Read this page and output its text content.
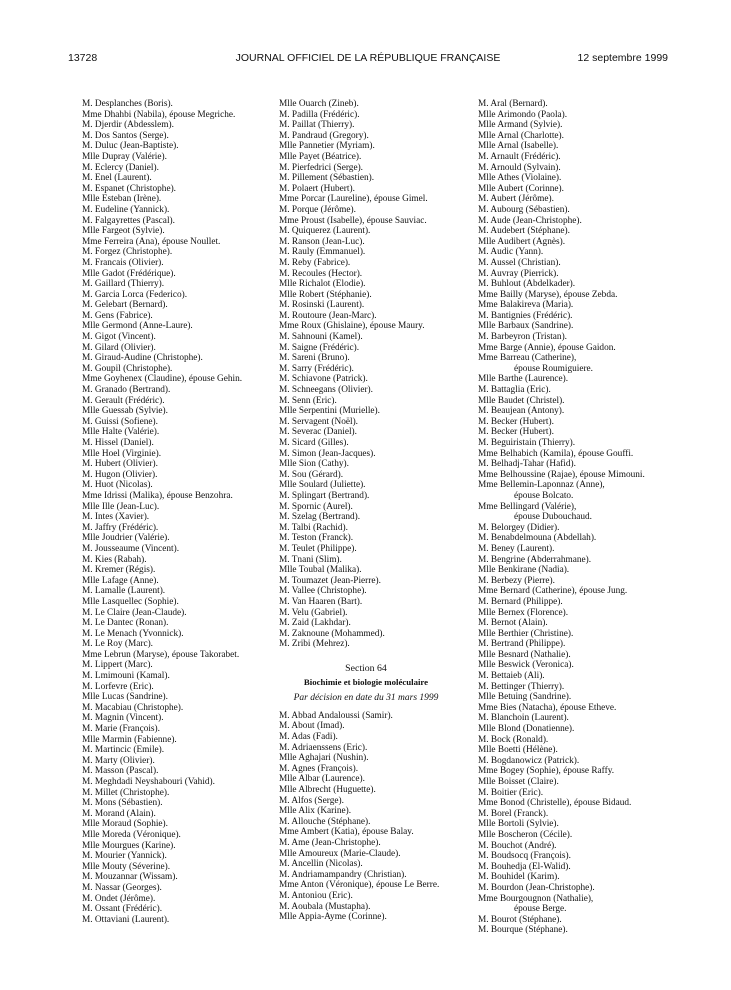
13728	JOURNAL OFFICIEL DE LA RÉPUBLIQUE FRANÇAISE	12 septembre 1999
M. Desplanches (Boris).
Mme Dhahbi (Nabila), épouse Megriche.
M. Djerdir (Abdesslem).
M. Dos Santos (Serge).
M. Duluc (Jean-Baptiste).
Mlle Dupray (Valérie).
M. Eclercy (Daniel).
M. Enel (Laurent).
M. Espanet (Christophe).
Mlle Esteban (Irène).
M. Eudeline (Yannick).
M. Falgayrettes (Pascal).
Mlle Fargeot (Sylvie).
Mme Ferreira (Ana), épouse Noullet.
M. Forgez (Christophe).
M. Francais (Olivier).
Mlle Gadot (Frédérique).
M. Gaillard (Thierry).
M. Garcia Lorca (Federico).
M. Gelebart (Bernard).
M. Gens (Fabrice).
Mlle Germond (Anne-Laure).
M. Gigot (Vincent).
M. Gilard (Olivier).
M. Giraud-Audine (Christophe).
M. Goupil (Christophe).
Mme Goyhenex (Claudine), épouse Gehin.
M. Granado (Bertrand).
M. Gerault (Frédéric).
Mlle Guessab (Sylvie).
M. Guissi (Sofiene).
Mlle Halte (Valérie).
M. Hissel (Daniel).
Mlle Hoel (Virginie).
M. Hubert (Olivier).
M. Hugon (Olivier).
M. Huot (Nicolas).
Mme Idrissi (Malika), épouse Benzohra.
Mlle Ille (Jean-Luc).
M. Intes (Xavier).
M. Jaffry (Frédéric).
Mlle Joudrier (Valérie).
M. Jousseaume (Vincent).
M. Kies (Rabah).
M. Kremer (Régis).
Mlle Lafage (Anne).
M. Lamalle (Laurent).
Mlle Lasquellec (Sophie).
M. Le Claire (Jean-Claude).
M. Le Dantec (Ronan).
M. Le Menach (Yvonnick).
M. Le Roy (Marc).
Mme Lebrun (Maryse), épouse Takorabet.
M. Lippert (Marc).
M. Lmimouni (Kamal).
M. Lorfevre (Eric).
Mlle Lucas (Sandrine).
M. Macabiau (Christophe).
M. Magnin (Vincent).
M. Marie (François).
Mlle Marmin (Fabienne).
M. Martincic (Emile).
M. Marty (Olivier).
M. Masson (Pascal).
M. Meghdadi Neyshabouri (Vahid).
M. Millet (Christophe).
M. Mons (Sébastien).
M. Morand (Alain).
Mlle Moraud (Sophie).
Mlle Moreda (Véronique).
Mlle Mourgues (Karine).
M. Mourier (Yannick).
Mlle Mouty (Séverine).
M. Mouzannar (Wissam).
M. Nassar (Georges).
M. Ondet (Jérôme).
M. Ossant (Frédéric).
M. Ottaviani (Laurent).
Mlle Ouarch (Zineb).
M. Padilla (Frédéric).
M. Paillat (Thierry).
M. Pandraud (Gregory).
Mlle Pannetier (Myriam).
Mlle Payet (Béatrice).
M. Pierfedrici (Serge).
M. Pillement (Sébastien).
M. Polaert (Hubert).
Mme Porcar (Laureline), épouse Gimel.
M. Porque (Jérôme).
Mme Proust (Isabelle), épouse Sauviac.
M. Quiquerez (Laurent).
M. Ranson (Jean-Luc).
M. Rauly (Emmanuel).
M. Reby (Fabrice).
M. Recoules (Hector).
Mlle Richalot (Elodie).
Mlle Robert (Stéphanie).
M. Rosinski (Laurent).
M. Routoure (Jean-Marc).
Mme Roux (Ghislaine), épouse Maury.
M. Sahnouni (Kamel).
M. Saigne (Frédéric).
M. Sareni (Bruno).
M. Sarry (Frédéric).
M. Schiavone (Patrick).
M. Schneegans (Olivier).
M. Senn (Eric).
Mlle Serpentini (Murielle).
M. Servagent (Noël).
M. Severac (Daniel).
M. Sicard (Gilles).
M. Simon (Jean-Jacques).
Mlle Sion (Cathy).
M. Sou (Gérard).
Mlle Soulard (Juliette).
M. Splingart (Bertrand).
M. Spornic (Aurel).
M. Szelag (Bertrand).
M. Talbi (Rachid).
M. Teston (Franck).
M. Teulet (Philippe).
M. Tnani (Slim).
Mlle Toubal (Malika).
M. Toumazet (Jean-Pierre).
M. Vallee (Christophe).
M. Van Haaren (Bart).
M. Velu (Gabriel).
M. Zaid (Lakhdar).
M. Zaknoune (Mohammed).
M. Zribi (Mehrez).
Section 64
Biochimie et biologie moléculaire
Par décision en date du 31 mars 1999
M. Abbad Andaloussi (Samir).
M. About (Imad).
M. Adas (Fadi).
M. Adriaenssens (Eric).
Mlle Aghajari (Nushin).
M. Agnes (François).
Mlle Albar (Laurence).
Mlle Albrecht (Huguette).
M. Alfos (Serge).
Mlle Alix (Karine).
M. Allouche (Stéphane).
Mme Ambert (Katia), épouse Balay.
M. Ame (Jean-Christophe).
Mlle Amoureux (Marie-Claude).
M. Ancellin (Nicolas).
M. Andriamampandry (Christian).
Mme Anton (Véronique), épouse Le Berre.
M. Antoniou (Eric).
M. Aoubala (Mustapha).
Mlle Appia-Ayme (Corinne).
M. Aral (Bernard).
Mlle Arimondo (Paola).
Mlle Armand (Sylvie).
Mlle Arnal (Charlotte).
Mlle Arnal (Isabelle).
M. Arnault (Frédéric).
M. Arnould (Sylvain).
Mlle Athes (Violaine).
Mlle Aubert (Corinne).
M. Aubert (Jérôme).
M. Aubourg (Sébastien).
M. Aude (Jean-Christophe).
M. Audebert (Stéphane).
Mlle Audibert (Agnès).
M. Audic (Yann).
M. Aussel (Christian).
M. Auvray (Pierrick).
M. Buhlout (Abdelkader).
Mme Bailly (Maryse), épouse Zebda.
Mme Balakireva (Maria).
M. Bantignies (Frédéric).
Mlle Barbaux (Sandrine).
M. Barbeyron (Tristan).
Mme Barge (Annie), épouse Gaidon.
Mme Barreau (Catherine),
épouse Roumiguiere.
Mlle Barthe (Laurence).
M. Battaglia (Eric).
Mlle Baudet (Christel).
M. Beaujean (Antony).
M. Becker (Hubert).
M. Becker (Hubert).
M. Beguiristain (Thierry).
Mme Belhabich (Kamila), épouse Gouffi.
M. Belhadj-Tahar (Hafid).
Mme Belhoussine (Rajae), épouse Mimouni.
Mme Bellemin-Laponnaz (Anne),
épouse Bolcato.
Mme Bellingard (Valérie),
épouse Dubouchaud.
M. Belorgey (Didier).
M. Benabdelmouna (Abdellah).
M. Beney (Laurent).
M. Bengrine (Abderrahmane).
Mlle Benkirane (Nadia).
M. Berbezy (Pierre).
Mme Bernard (Catherine), épouse Jung.
M. Bernard (Philippe).
Mlle Bernex (Florence).
M. Bernot (Alain).
Mlle Berthier (Christine).
M. Bertrand (Philippe).
Mlle Besnard (Nathalie).
Mlle Beswick (Veronica).
M. Bettaieb (Ali).
M. Bettinger (Thierry).
Mlle Betuing (Sandrine).
Mme Bies (Natacha), épouse Etheve.
M. Blanchoin (Laurent).
Mlle Blond (Donatienne).
M. Bock (Ronald).
Mlle Boetti (Hélène).
M. Bogdanowicz (Patrick).
Mme Bogey (Sophie), épouse Raffy.
Mlle Boisset (Claire).
M. Boitier (Eric).
Mme Bonod (Christelle), épouse Bidaud.
M. Borel (Franck).
Mlle Bortoli (Sylvie).
Mlle Boscheron (Cécile).
M. Bouchot (André).
M. Boudsocq (François).
M. Bouhedja (El-Walid).
M. Bouhidel (Karim).
M. Bourdon (Jean-Christophe).
Mme Bourgougnon (Nathalie),
épouse Berge.
M. Bourot (Stéphane).
M. Bourque (Stéphane).
